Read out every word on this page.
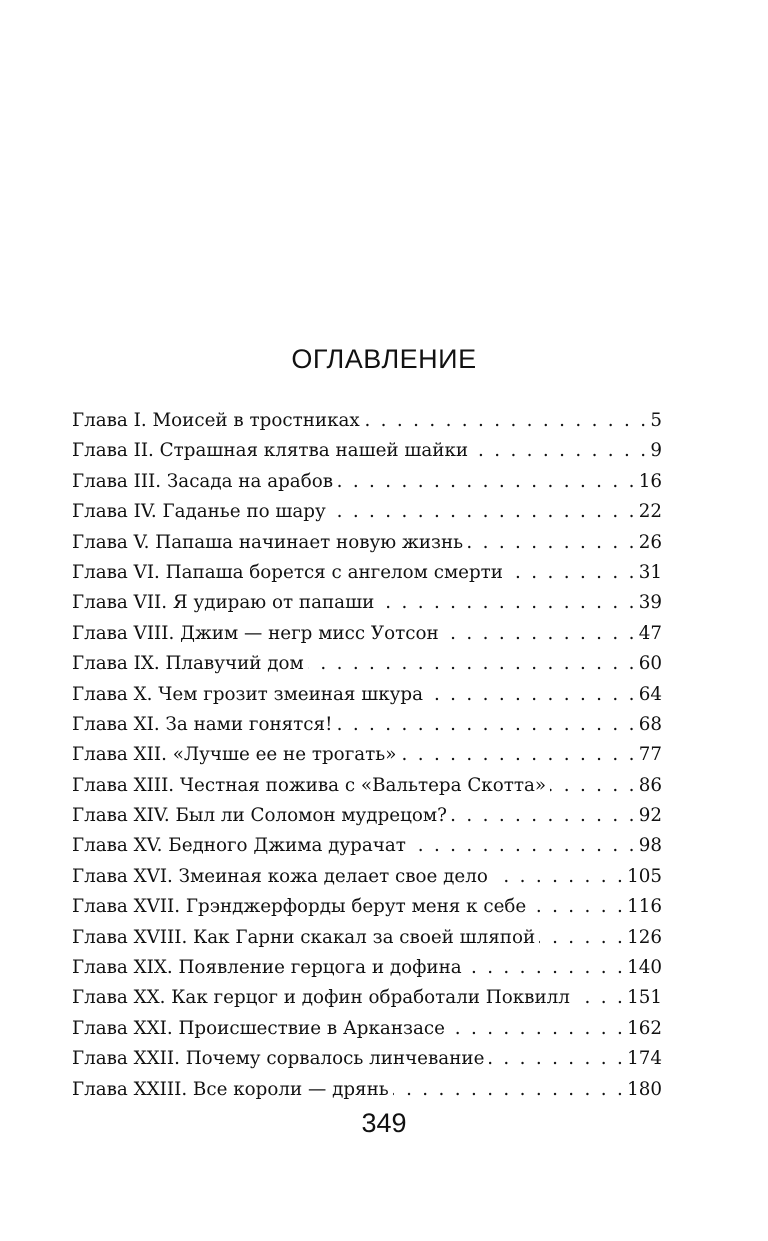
ОГЛАВЛЕНИЕ
Глава I. Моисей в тростниках . . .	5
Глава II. Страшная клятва нашей шайки . . .	9
Глава III. Засада на арабов . . .	16
Глава IV. Гаданье по шару . . .	22
Глава V. Папаша начинает новую жизнь . . .	26
Глава VI. Папаша борется с ангелом смерти . . .	31
Глава VII. Я удираю от папаши . . .	39
Глава VIII. Джим — негр мисс Уотсон . . .	47
Глава IX. Плавучий дом . . .	60
Глава X. Чем грозит змеиная шкура . . .	64
Глава XI. За нами гонятся! . . .	68
Глава XII. «Лучше ее не трогать» . . .	77
Глава XIII. Честная пожива с «Вальтера Скотта» . . .	86
Глава XIV. Был ли Соломон мудрецом? . . .	92
Глава XV. Бедного Джима дурачат . . .	98
Глава XVI. Змеиная кожа делает свое дело . . .	105
Глава XVII. Грэнджерфорды берут меня к себе . . .	116
Глава XVIII. Как Гарни скакал за своей шляпой . . .	126
Глава XIX. Появление герцога и дофина . . .	140
Глава XX. Как герцог и дофин обработали Поквилл . . .	151
Глава XXI. Происшествие в Арканзасе . . .	162
Глава XXII. Почему сорвалось линчевание . . .	174
Глава XXIII. Все короли — дрянь . . .	180
349
